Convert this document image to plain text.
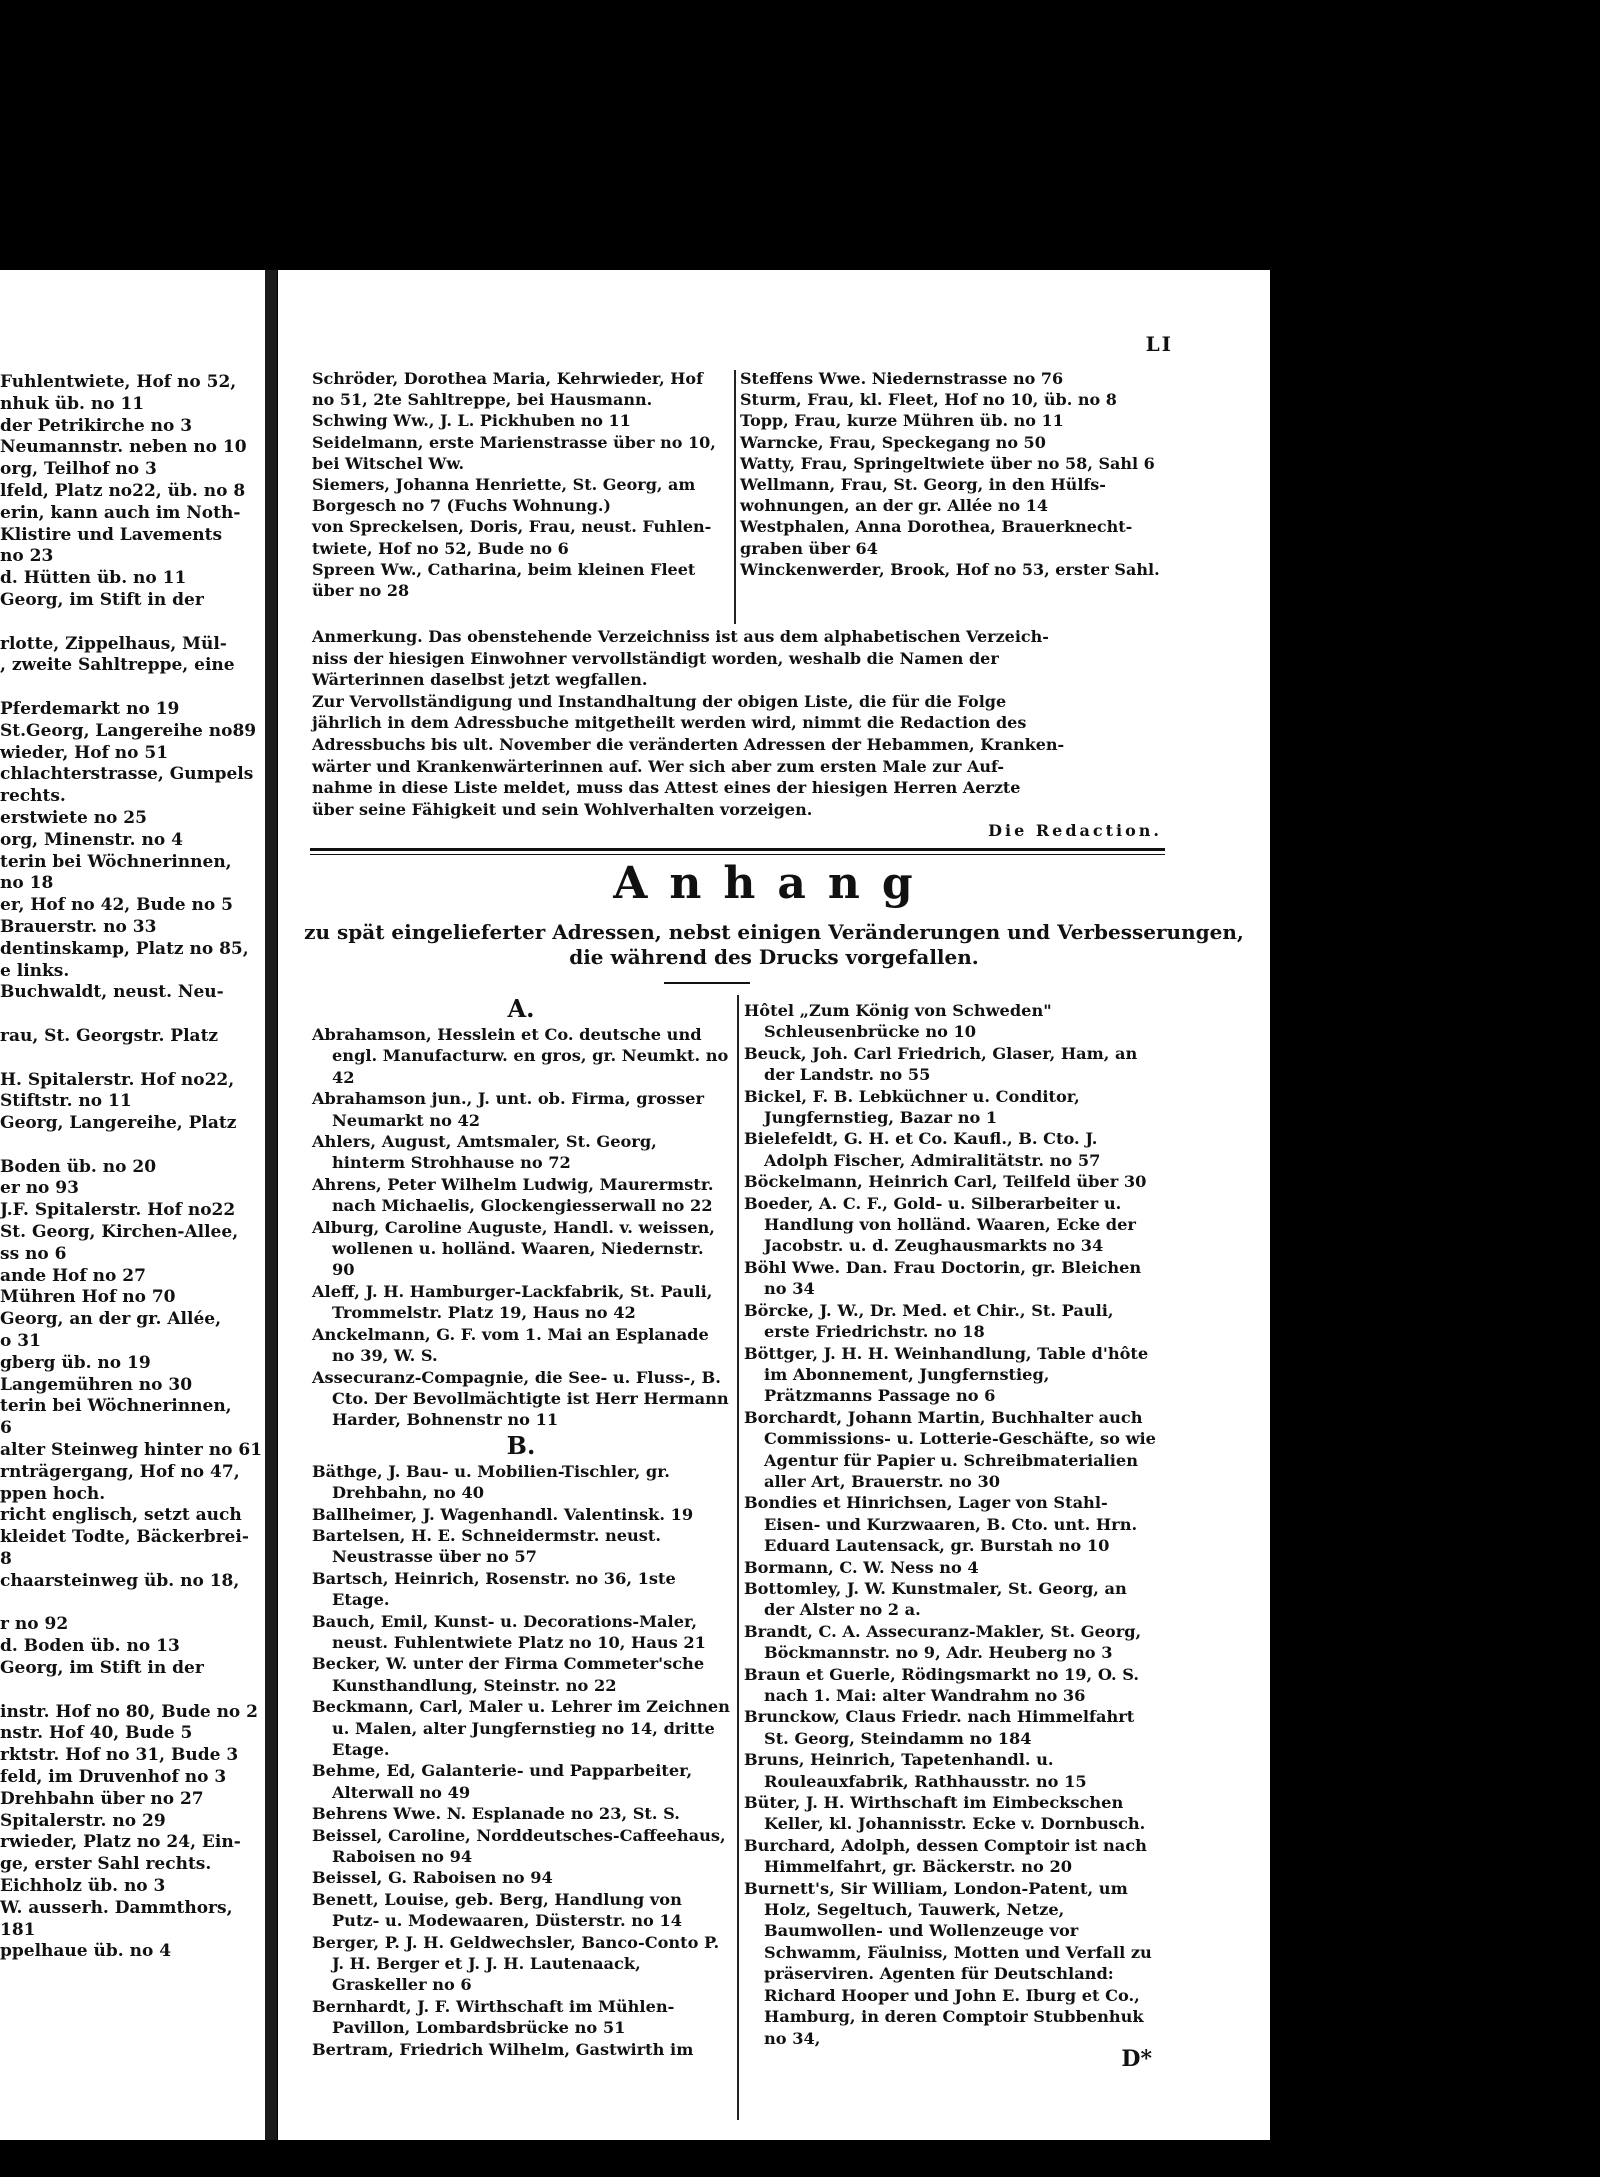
Fuhlentwiete, Hof no 52,
nhuk üb. no 11
der Petrikirche no 3
Neumannstr. neben no 10
org, Teilhof no 3
lfeld, Platz no22, üb. no 8
erin, kann auch im Noth-
Klistire und Lavements
no 23
d. Hütten üb. no 11
Georg, im Stift in der

rlotte, Zippelhaus, Mül-
, zweite Sahltreppe, eine

Pferdemarkt no 19
St.Georg, Langereihe no89
wieder, Hof no 51
chlachterstrasse, Gumpels
rechts.
erstwiete no 25
org, Minenstr. no 4
terin bei Wöchnerinnen,
no 18
er, Hof no 42, Bude no 5
Brauerstr. no 33
dentinskamp, Platz no 85,
e links.
Buchwaldt, neust. Neu-

rau, St. Georgstr. Platz

H. Spitalerstr. Hof no22,
Stiftstr. no 11
Georg, Langereihe, Platz

Boden üb. no 20
er no 93
J.F. Spitalerstr. Hof no22
St. Georg, Kirchen-Allee,
ss no 6
ande Hof no 27
Mühren Hof no 70
Georg, an der gr. Allée,
o 31
gberg üb. no 19
Langemühren no 30
terin bei Wöchnerinnen,
6
alter Steinweg hinter no 61
rnträgergang, Hof no 47,
ppen hoch.
richt englisch, setzt auch
kleidet Todte, Bäckerbrei-
8
chaarsteinweg üb. no 18,

r no 92
d. Boden üb. no 13
Georg, im Stift in der

instr. Hof no 80, Bude no 2
nstr. Hof 40, Bude 5
rktstr. Hof no 31, Bude 3
feld, im Druvenhof no 3
Drehbahn über no 27
Spitalerstr. no 29
rwieder, Platz no 24, Ein-
ge, erster Sahl rechts.
Eichholz üb. no 3
W. ausserh. Dammthors,
181
ppelhaue üb. no 4
LI
Schröder, Dorothea Maria, Kehrwieder, Hof
no 51, 2te Sahltreppe, bei Hausmann.
Schwing Ww., J. L. Pickhuben no 11
Seidelmann, erste Marienstrasse über no 10,
bei Witschel Ww.
Siemers, Johanna Henriette, St. Georg, am
Borgesch no 7 (Fuchs Wohnung.)
von Spreckelsen, Doris, Frau, neust. Fuhlen-
twiete, Hof no 52, Bude no 6
Spreen Ww., Catharina, beim kleinen Fleet
über no 28
Steffens Wwe. Niedernstrasse no 76
Sturm, Frau, kl. Fleet, Hof no 10, üb. no 8
Topp, Frau, kurze Mühren üb. no 11
Warncke, Frau, Speckegang no 50
Watty, Frau, Springeltwiete über no 58, Sahl 6
Wellmann, Frau, St. Georg, in den Hülfs-
wohnungen, an der gr. Allée no 14
Westphalen, Anna Dorothea, Brauerknecht-
graben über 64
Winckenwerder, Brook, Hof no 53, erster Sahl.
Anmerkung. Das obenstehende Verzeichniss ist aus dem alphabetischen Verzeich-
niss der hiesigen Einwohner vervollständigt worden, weshalb die Namen der
Wärterinnen daselbst jetzt wegfallen.
Zur Vervollständigung und Instandhaltung der obigen Liste, die für die Folge
jährlich in dem Adressbuche mitgetheilt werden wird, nimmt die Redaction des
Adressbuchs bis ult. November die veränderten Adressen der Hebammen, Kranken-
wärter und Krankenwärterinnen auf. Wer sich aber zum ersten Male zur Auf-
nahme in diese Liste meldet, muss das Attest eines der hiesigen Herren Aerzte
über seine Fähigkeit und sein Wohlverhalten vorzeigen.
Die Redaction.
Anhang
zu spät eingelieferter Adressen, nebst einigen Veränderungen und Verbesserungen,
die während des Drucks vorgefallen.
A.
Abrahamson, Hesslein et Co. deutsche und engl. Manufacturw. en gros, gr. Neumkt. no 42
Abrahamson jun., J. unt. ob. Firma, grosser Neumarkt no 42
Ahlers, August, Amtsmaler, St. Georg, hinterm Strohhause no 72
Ahrens, Peter Wilhelm Ludwig, Maurermstr. nach Michaelis, Glockengiesserwall no 22
Alburg, Caroline Auguste, Handl. v. weissen, wollenen u. holländ. Waaren, Niedernstr. 90
Aleff, J. H. Hamburger-Lackfabrik, St. Pauli, Trommelstr. Platz 19, Haus no 42
Anckelmann, G. F. vom 1. Mai an Esplanade no 39, W. S.
Assecuranz-Compagnie, die See- u. Fluss-, B. Cto. Der Bevollmächtigte ist Herr Hermann Harder, Bohnenstr no 11
B.
Bäthge, J. Bau- u. Mobilien-Tischler, gr. Drehbahn, no 40
Ballheimer, J. Wagenhandl. Valentinsk. 19
Bartelsen, H. E. Schneidermstr. neust. Neustrasse über no 57
Bartsch, Heinrich, Rosenstr. no 36, 1ste Etage.
Bauch, Emil, Kunst- u. Decorations-Maler, neust. Fuhlentwiete Platz no 10, Haus 21
Becker, W. unter der Firma Commeter'sche Kunsthandlung, Steinstr. no 22
Beckmann, Carl, Maler u. Lehrer im Zeichnen u. Malen, alter Jungfernstieg no 14, dritte Etage.
Behme, Ed, Galanterie- und Papparbeiter, Alterwall no 49
Behrens Wwe. N. Esplanade no 23, St. S.
Beissel, Caroline, Norddeutsches-Caffeehaus, Raboisen no 94
Beissel, G. Raboisen no 94
Benett, Louise, geb. Berg, Handlung von Putz- u. Modewaaren, Düsterstr. no 14
Berger, P. J. H. Geldwechsler, Banco-Conto P. J. H. Berger et J. J. H. Lautenaack, Graskeller no 6
Bernhardt, J. F. Wirthschaft im Mühlen-Pavillon, Lombardsbrücke no 51
Bertram, Friedrich Wilhelm, Gastwirth im
Hôtel „Zum König von Schweden" Schleusenbrücke no 10
Beuck, Joh. Carl Friedrich, Glaser, Ham, an der Landstr. no 55
Bickel, F. B. Lebküchner u. Conditor, Jungfernstieg, Bazar no 1
Bielefeldt, G. H. et Co. Kaufl., B. Cto. J. Adolph Fischer, Admiralitätstr. no 57
Böckelmann, Heinrich Carl, Teilfeld über 30
Boeder, A. C. F., Gold- u. Silberarbeiter u. Handlung von holländ. Waaren, Ecke der Jacobstr. u. d. Zeughausmarkts no 34
Böhl Wwe. Dan. Frau Doctorin, gr. Bleichen no 34
Börcke, J. W., Dr. Med. et Chir., St. Pauli, erste Friedrichstr. no 18
Böttger, J. H. H. Weinhandlung, Table d'hôte im Abonnement, Jungfernstieg, Prätzmanns Passage no 6
Borchardt, Johann Martin, Buchhalter auch Commissions- u. Lotterie-Geschäfte, so wie Agentur für Papier u. Schreibmaterialien aller Art, Brauerstr. no 30
Bondies et Hinrichsen, Lager von Stahl- Eisen- und Kurzwaaren, B. Cto. unt. Hrn. Eduard Lautensack, gr. Burstah no 10
Bormann, C. W. Ness no 4
Bottomley, J. W. Kunstmaler, St. Georg, an der Alster no 2 a.
Brandt, C. A. Assecuranz-Makler, St. Georg, Böckmannstr. no 9, Adr. Heuberg no 3
Braun et Guerle, Rödingsmarkt no 19, O. S. nach 1. Mai: alter Wandrahm no 36
Brunckow, Claus Friedr. nach Himmelfahrt St. Georg, Steindamm no 184
Bruns, Heinrich, Tapetenhandl. u. Rouleauxfabrik, Rathhausstr. no 15
Büter, J. H. Wirthschaft im Eimbeckschen Keller, kl. Johannisstr. Ecke v. Dornbusch.
Burchard, Adolph, dessen Comptoir ist nach Himmelfahrt, gr. Bäckerstr. no 20
Burnett's, Sir William, London-Patent, um Holz, Segeltuch, Tauwerk, Netze, Baumwollen- und Wollenzeuge vor Schwamm, Fäulniss, Motten und Verfall zu präserviren. Agenten für Deutschland: Richard Hooper und John E. Iburg et Co., Hamburg, in deren Comptoir Stubbenhuk no 34,
D*
